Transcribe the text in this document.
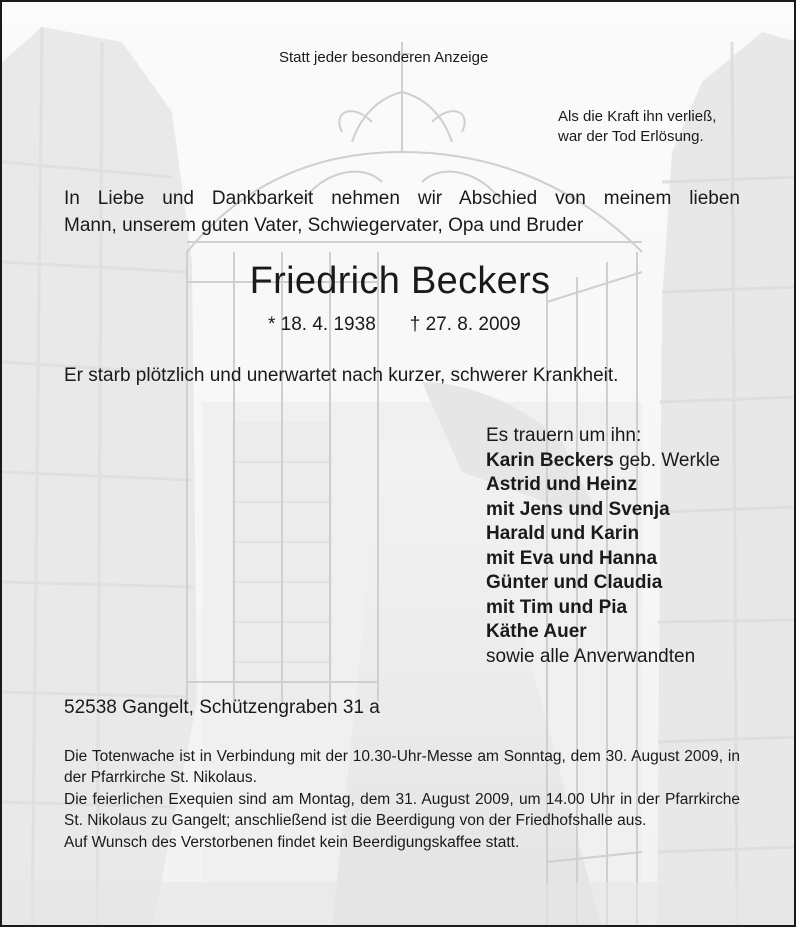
Statt jeder besonderen Anzeige
Als die Kraft ihn verließ,
war der Tod Erlösung.
In Liebe und Dankbarkeit nehmen wir Abschied von meinem lieben
Mann, unserem guten Vater, Schwiegervater, Opa und Bruder
Friedrich Beckers
* 18. 4. 1938 † 27. 8. 2009
Er starb plötzlich und unerwartet nach kurzer, schwerer Krankheit.
Es trauern um ihn:
Karin Beckers geb. Werkle
Astrid und Heinz
mit Jens und Svenja
Harald und Karin
mit Eva und Hanna
Günter und Claudia
mit Tim und Pia
Käthe Auer
sowie alle Anverwandten
52538 Gangelt, Schützengraben 31 a

Die Totenwache ist in Verbindung mit der 10.30-Uhr-Messe am Sonntag, dem 30. August 2009, in der Pfarrkirche St. Nikolaus.

Die feierlichen Exequien sind am Montag, dem 31. August 2009, um 14.00 Uhr in der Pfarrkirche St. Nikolaus zu Gangelt; anschließend ist die Beerdigung von der Friedhofshalle aus.

Auf Wunsch des Verstorbenen findet kein Beerdigungskaffee statt.
